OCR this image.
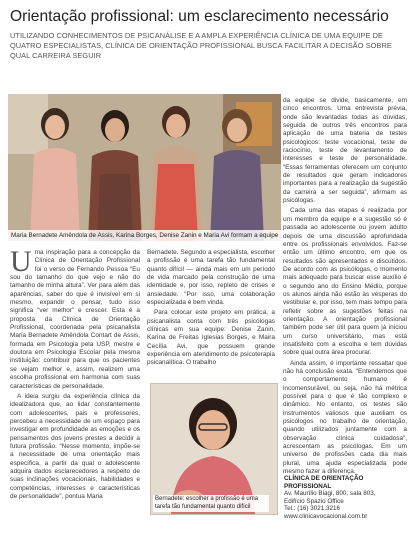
Orientação profissional: um esclarecimento necessário
UTILIZANDO CONHECIMENTOS DE PSICANÁLISE E A AMPLA EXPERIÊNCIA CLÍNICA DE UMA EQUIPE DE QUATRO ESPECIALISTAS, CLÍNICA DE ORIENTAÇÃO PROFISSIONAL BUSCA FACILITAR A DECISÃO SOBRE QUAL CARREIRA SEGUIR
Maria Bernadete Amêndola de Assis, Karina Borges, Denise Zanin e Maria Avi formam a equipe

Uma inspiração para a concepção da Clínica de Orientação Profissional foi o verso de Fernando Pessoa “Eu sou do tamanho do que vejo e não do tamanho de minha altura”. Ver para além das aparências, saber do que é invisível em si mesmo, expandir o pensar, tudo isso significa “ver melhor” e crescer. Esta é a proposta da Clínica de Orientação Profissional, coordenada pela psicanalista Maria Bernadete Amêndola Contart de Assis, formada em Psicologia pela USP, mestre e doutora em Psicologia Escolar pela mesma instituição: contribuir para que os pacientes se vejam melhor e, assim, realizem uma escolha profissional em harmonia com suas características de personalidade.

A ideia surgiu da experiência clínica da idealizadora que, ao lidar constantemente com adolescentes, pais e professores, percebeu a necessidade de um espaço para investigar em profundidade as emoções e os pensamentos dos jovens prestes a decidir a futura profissão. “Nesse momento, impõe-se a necessidade de uma orientação mais específica, a partir da qual o adolescente adquira dados esclarecedores a respeito de suas inclinações vocacionais, habilidades e competências, interesses e características de personalidade”, pontua Maria

Bernadete. Segundo a especialista, escolher a profissão é uma tarefa tão fundamental quanto difícil — ainda mais em um período de vida marcado pela construção de uma identidade e, por isso, repleto de crises e ansiedade. “Por isso, uma colaboração especializada é bem vinda.

Para colocar este projeto em prática, a psicanalista conta com três psicólogas clínicas em sua equipe: Denise Zanin, Karina de Freitas Iglesias Borges, e Maira Cecília Avi, que possuem grande experiência em atendimento de psicoterapia psicanalítica. O trabalho

Bernadete: escolher a profissão é uma tarefa tão fundamental quanto difícil

da equipe se divide, basicamente, em cinco encontros. Uma entrevista prévia, onde são levantadas todas as dúvidas, seguida de outros três encontros para aplicação de uma bateria de testes psicológicos: teste vocacional, teste de raciocínio, teste de levantamento de interesses e teste de personalidade. “Essas ferramentas oferecem um conjunto de resultados que geram indicadores importantes para a realização da sugestão da carreira a ser seguida”, afirmam as psicólogas.

Cada uma das etapas é realizada por um membro da equipe e a sugestão só é passada ao adolescente ou jovem adulto depois de uma discussão aprofundada entre os profissionais envolvidos. Faz-se então um último encontro, em que os resultados são apresentados e discutidos. De acordo com as psicólogas, o momento mais adequado para buscar esse auxílio é o segundo ano do Ensino Médio, porque os alunos ainda não estão às vésperas do vestibular e, por isso, tem mais tempo para refletir sobre as sugestões feitas na orientação. A orientação profissional também pode ser útil para quem já iniciou um curso universitário, mas está insatisfeito com a escolha e tem dúvidas sobre qual outra área procurar.

Ainda assim, é importante ressaltar que não há conclusão exata. “Entendemos que o comportamento humano é incomensurável, ou seja, não há métrica possível para o que é tão complexo e dinâmico. No entanto, os testes são instrumentos valiosos que auxiliam os psicólogos no trabalho de orientação, quando utilizados juntamente com a observação clínica cuidadosa”, acrescentam as psicólogas. Em um universo de profissões cada dia mais plural, uma ajuda especializada pode mesmo fazer a diferença.

CLÍNICA DE ORIENTAÇÃO PROFISSIONAL
Av. Maurílio Biagi, 800, sala 803,
Edifício Spazio Office
Tel.: (16) 3021.3216
www.clinicavocacional.com.br
